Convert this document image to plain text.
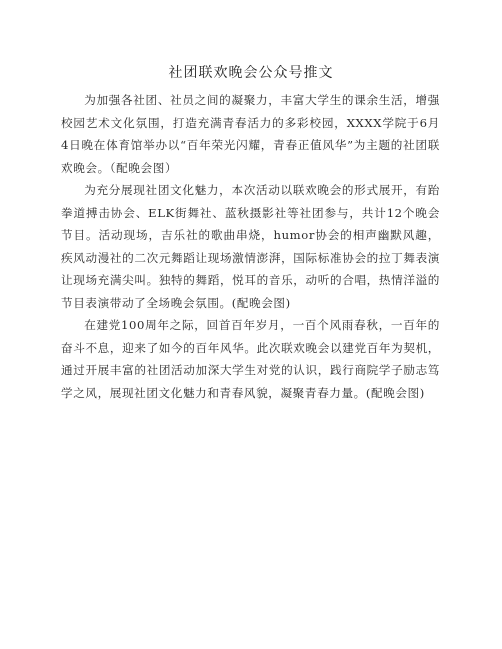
社团联欢晚会公众号推文

为加强各社团、社员之间的凝聚力，丰富大学生的课余生活，增强校园艺术文化氛围，打造充满青春活力的多彩校园，XXXX学院于6月4日晚在体育馆举办以“百年荣光闪耀，青春正值风华”为主题的社团联欢晚会。（配晚会图）

为充分展现社团文化魅力，本次活动以联欢晚会的形式展开，有跆拳道搏击协会、ELK街舞社、蓝秋摄影社等社团参与，共计12个晚会节目。活动现场，吉乐社的歌曲串烧，humor协会的相声幽默风趣，疾风动漫社的二次元舞蹈让现场激情澎湃，国际标准协会的拉丁舞表演让现场充满尖叫。独特的舞蹈，悦耳的音乐，动听的合唱，热情洋溢的节目表演带动了全场晚会氛围。(配晚会图)

在建党100周年之际，回首百年岁月，一百个风雨春秋，一百年的奋斗不息，迎来了如今的百年风华。此次联欢晚会以建党百年为契机，通过开展丰富的社团活动加深大学生对党的认识，践行商院学子励志笃学之风，展现社团文化魅力和青春风貌，凝聚青春力量。(配晚会图)
